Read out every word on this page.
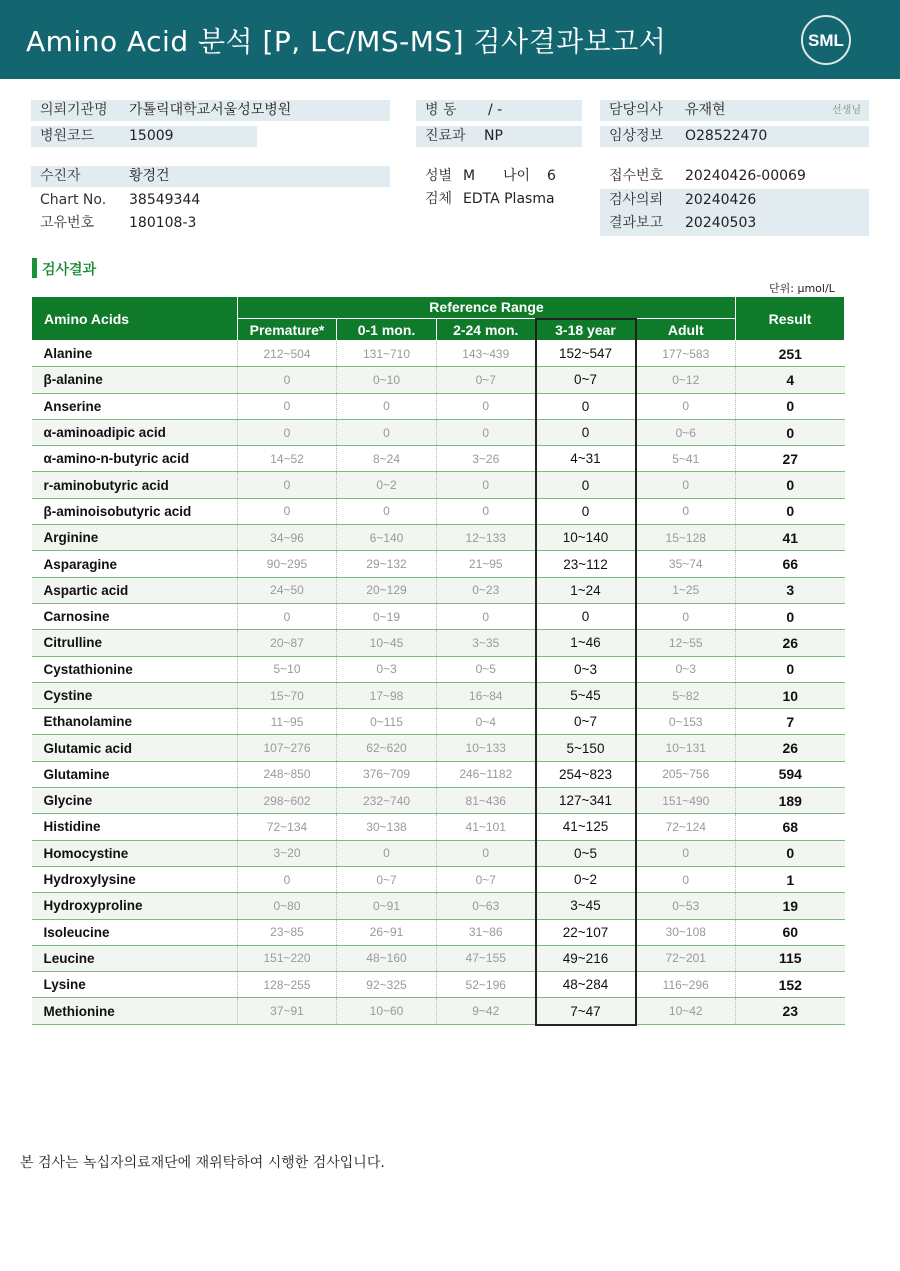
Amino Acid 분석 [P, LC/MS-MS] 검사결과보고서	SML
의뢰기관명 가톨릭대학교서울성모병원
병원코드 15009
수진자	황경건
Chart No. 38549344
고유번호 180108-3
병 동 / -
진료과 NP
성별 M 나이 6
검체 EDTA Plasma
담당의사 유재현	선생님
임상정보 O28522470
접수번호 20240426-00069
검사의뢰 20240426
결과보고 20240503
검사결과
단위: μmol/L
Amino Acids	Reference Range					Result
	Premature*	0-1 mon.	2-24 mon.	3-18 year	Adult	
Alanine	212~504	131~710	143~439	152~547	177~583	251
β-alanine	0	0~10	0~7	0~7	0~12	4
Anserine	0	0	0	0	0	0
α-aminoadipic acid	0	0	0	0	0~6	0
α-amino-n-butyric acid	14~52	8~24	3~26	4~31	5~41	27
r-aminobutyric acid	0	0~2	0	0	0	0
β-aminoisobutyric acid	0	0	0	0	0	0
Arginine	34~96	6~140	12~133	10~140	15~128	41
Asparagine	90~295	29~132	21~95	23~112	35~74	66
Aspartic acid	24~50	20~129	0~23	1~24	1~25	3
Carnosine	0	0~19	0	0	0	0
Citrulline	20~87	10~45	3~35	1~46	12~55	26
Cystathionine	5~10	0~3	0~5	0~3	0~3	0
Cystine	15~70	17~98	16~84	5~45	5~82	10
Ethanolamine	11~95	0~115	0~4	0~7	0~153	7
Glutamic acid	107~276	62~620	10~133	5~150	10~131	26
Glutamine	248~850	376~709	246~1182	254~823	205~756	594
Glycine	298~602	232~740	81~436	127~341	151~490	189
Histidine	72~134	30~138	41~101	41~125	72~124	68
Homocystine	3~20	0	0	0~5	0	0
Hydroxylysine	0	0~7	0~7	0~2	0	1
Hydroxyproline	0~80	0~91	0~63	3~45	0~53	19
Isoleucine	23~85	26~91	31~86	22~107	30~108	60
Leucine	151~220	48~160	47~155	49~216	72~201	115
Lysine	128~255	92~325	52~196	48~284	116~296	152
Methionine	37~91	10~60	9~42	7~47	10~42	23
본 검사는 녹십자의료재단에 재위탁하여 시행한 검사입니다.
